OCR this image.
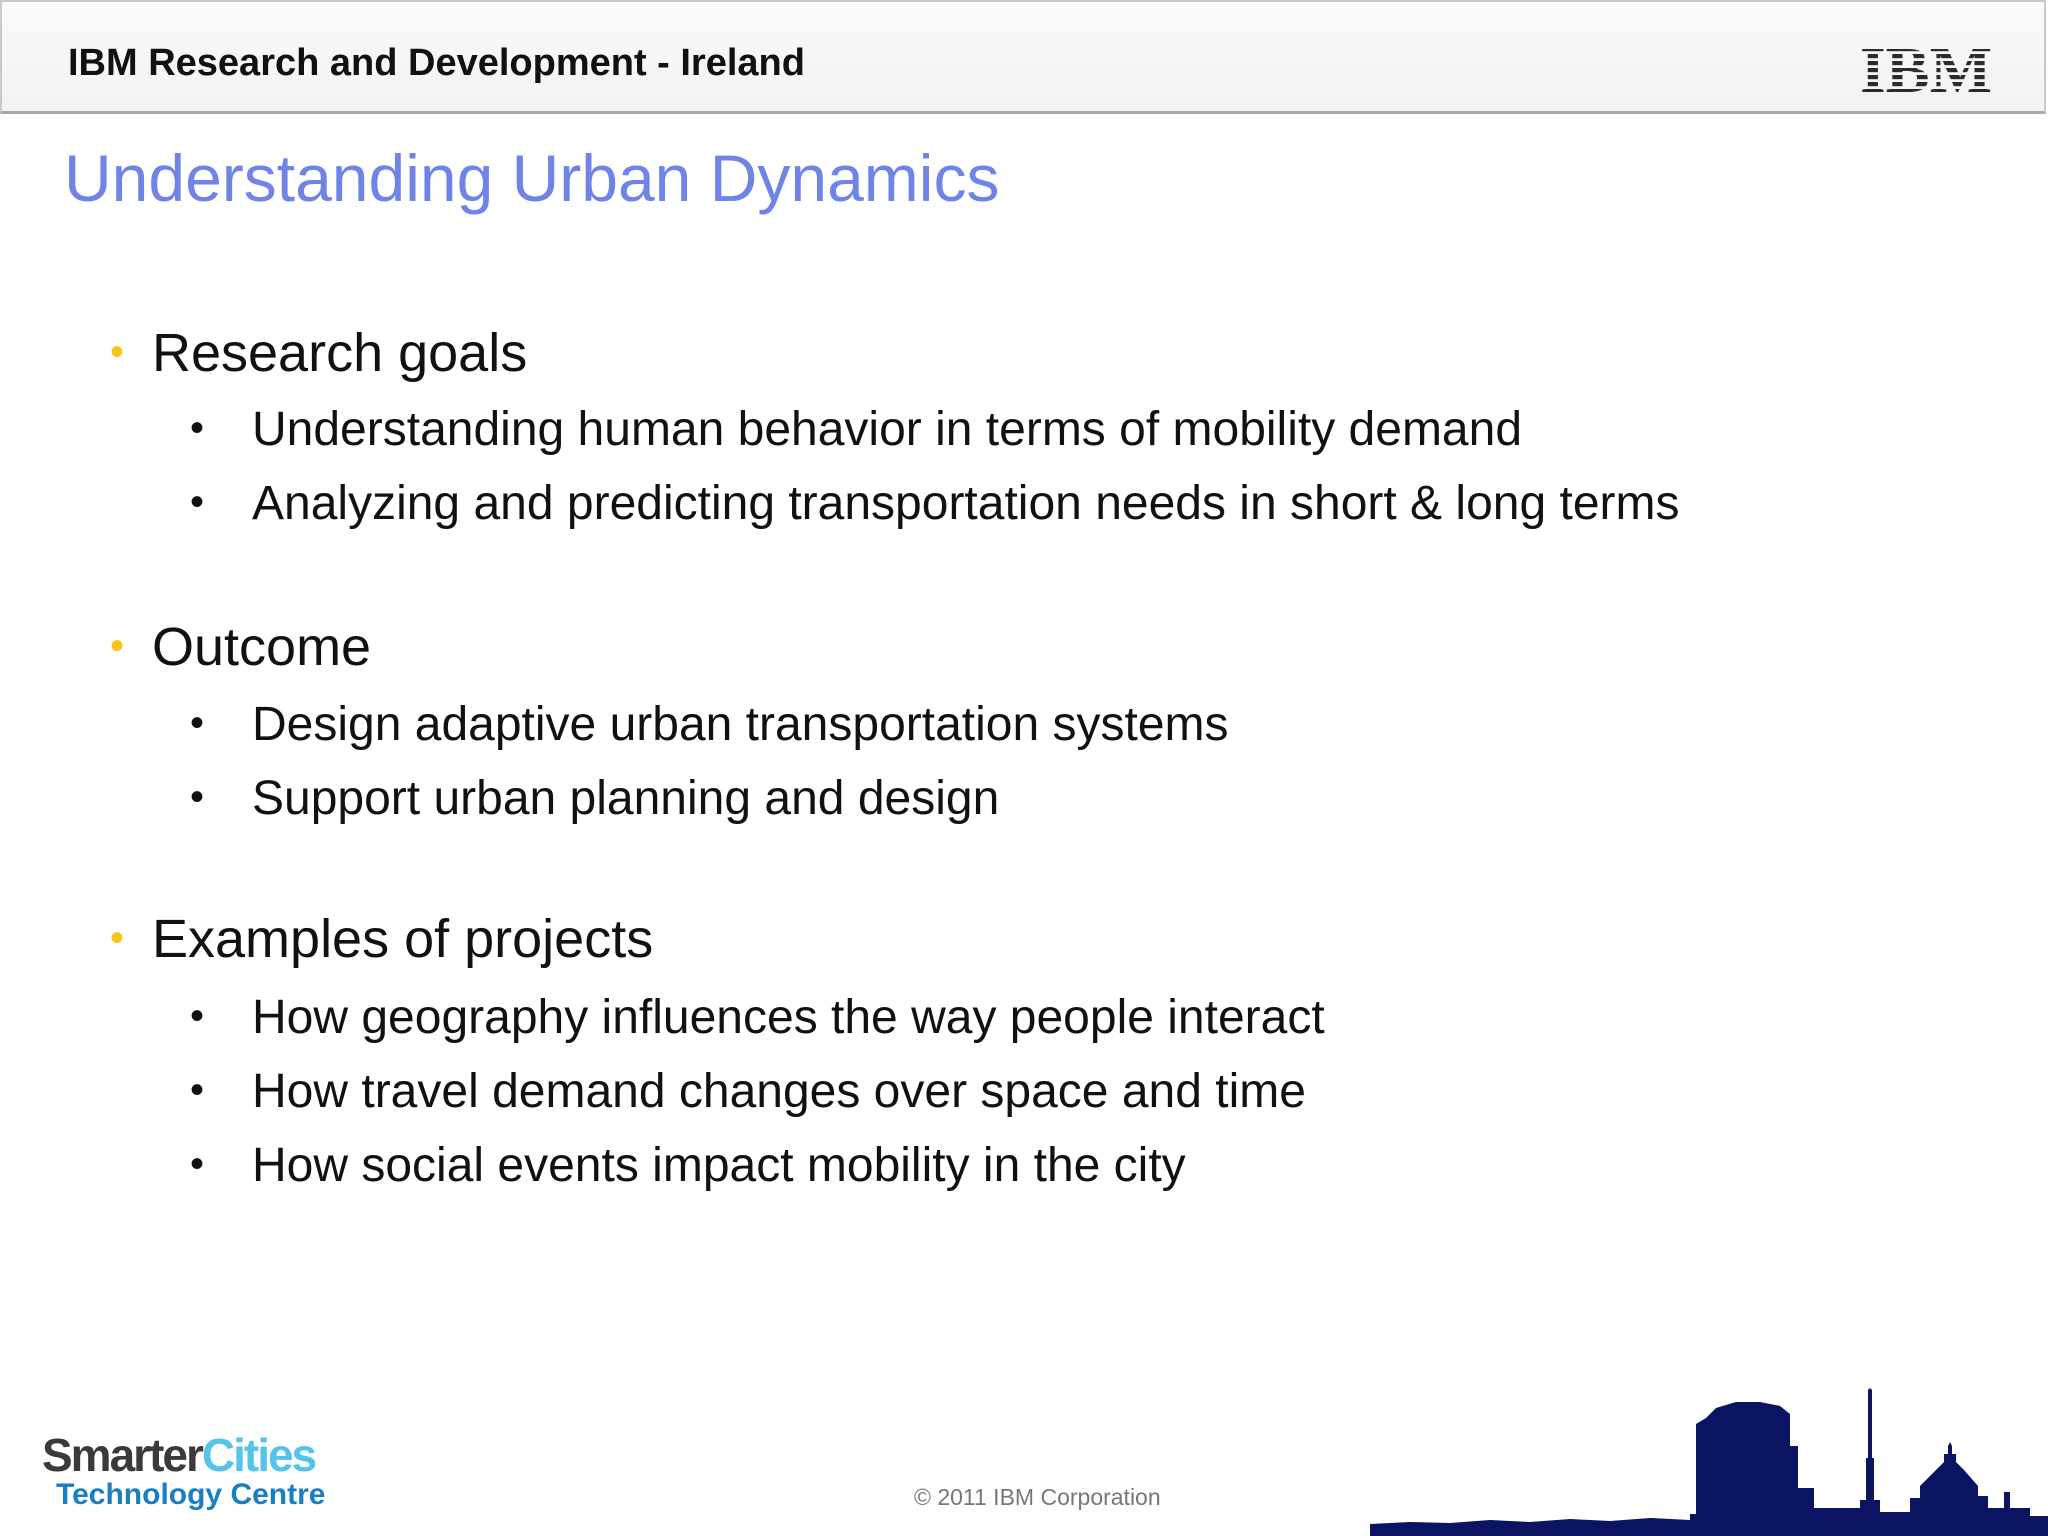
IBM Research and Development - Ireland	IBM
Understanding Urban Dynamics
• Research goals
• Understanding human behavior in terms of mobility demand
• Analyzing and predicting transportation needs in short & long terms
• Outcome
• Design adaptive urban transportation systems
• Support urban planning and design
• Examples of projects
• How geography influences the way people interact
• How travel demand changes over space and time
• How social events impact mobility in the city
SmarterCities
Technology Centre	© 2011 IBM Corporation
